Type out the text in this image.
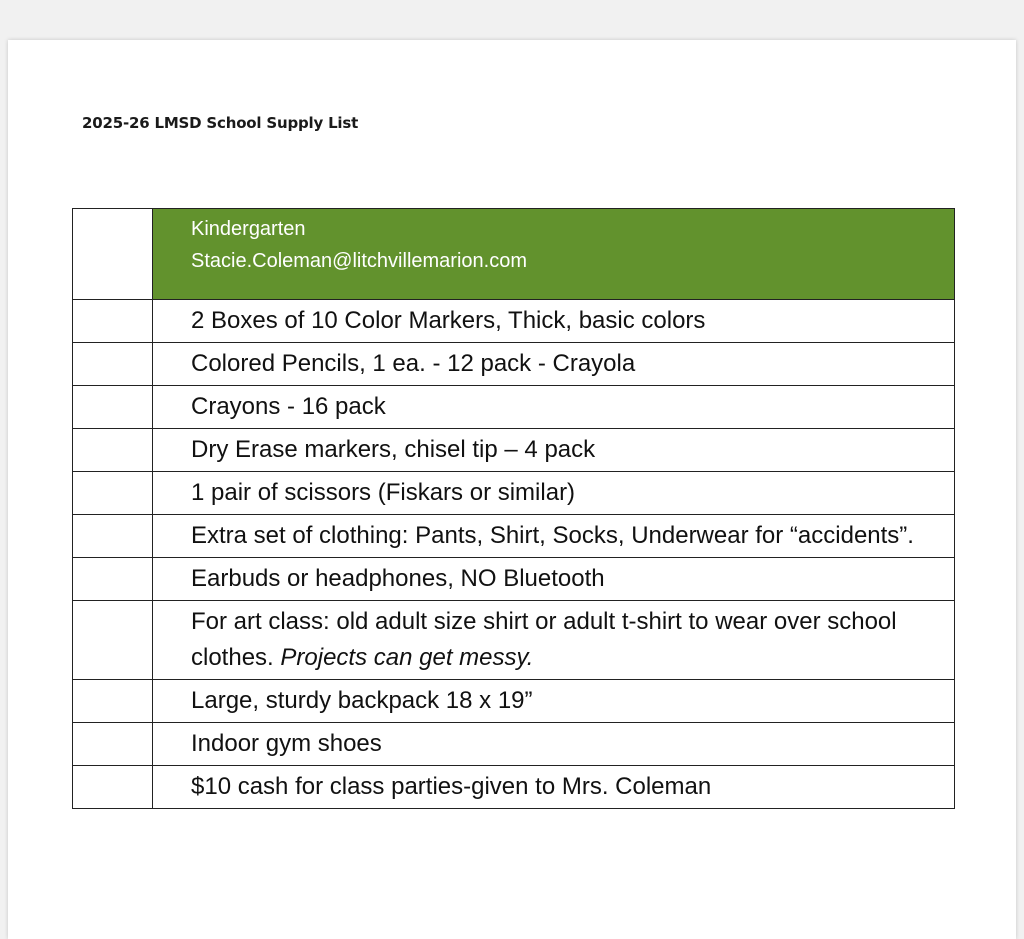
2025-26 LMSD School Supply List

	Kindergarten
Stacie.Coleman@litchvillemarion.com

	2 Boxes of 10 Color Markers, Thick, basic colors
	Colored Pencils, 1 ea. - 12 pack - Crayola
	Crayons - 16 pack
	Dry Erase markers, chisel tip – 4 pack
	1 pair of scissors (Fiskars or similar)
	Extra set of clothing: Pants, Shirt, Socks, Underwear for “accidents”.
	Earbuds or headphones, NO Bluetooth
	For art class: old adult size shirt or adult t-shirt to wear over school clothes. Projects can get messy.
	Large, sturdy backpack 18 x 19”
	Indoor gym shoes
	$10 cash for class parties-given to Mrs. Coleman
